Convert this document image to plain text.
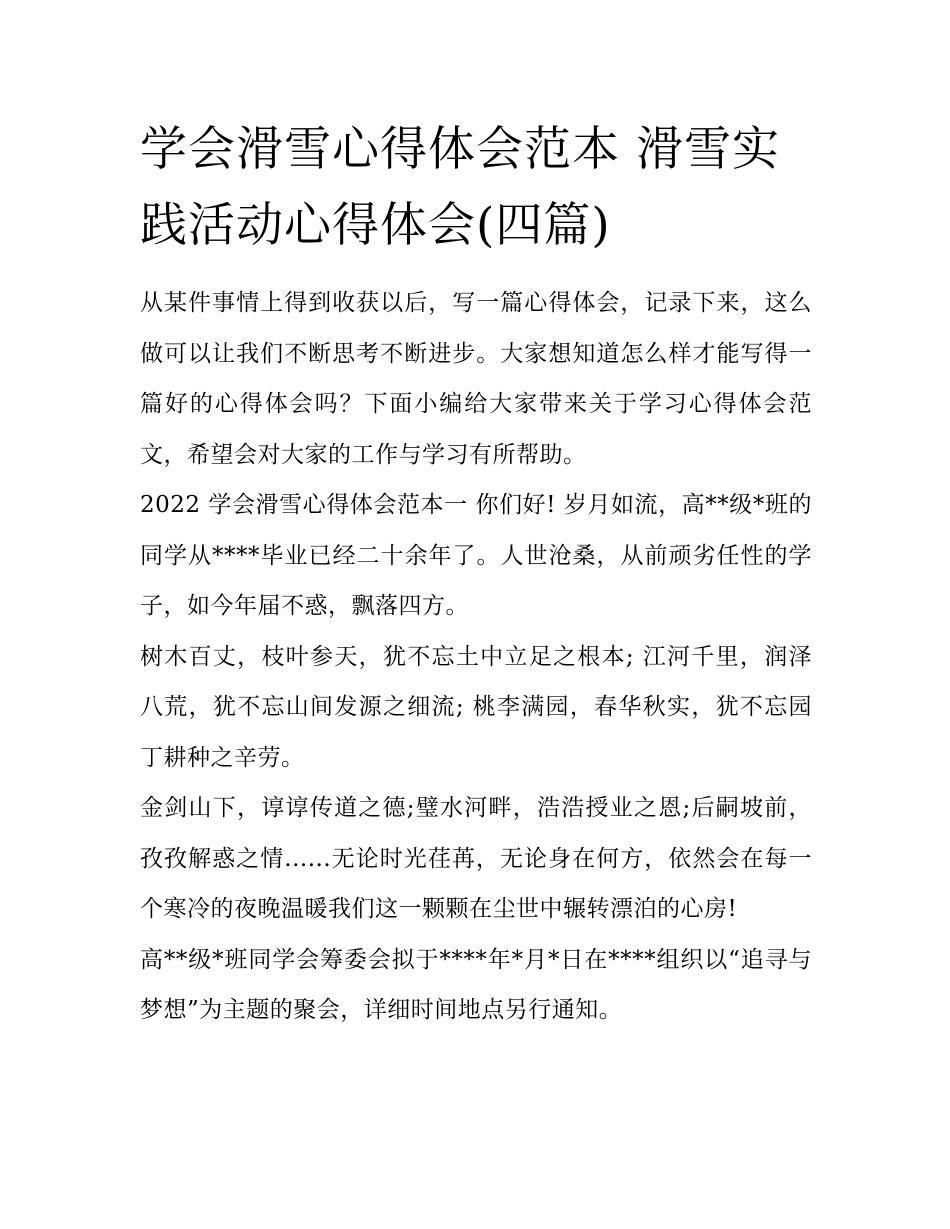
学会滑雪心得体会范本 滑雪实践活动心得体会(四篇)

从某件事情上得到收获以后，写一篇心得体会，记录下来，这么做可以让我们不断思考不断进步。大家想知道怎么样才能写得一篇好的心得体会吗？下面小编给大家带来关于学习心得体会范文，希望会对大家的工作与学习有所帮助。

2022 学会滑雪心得体会范本一 你们好! 岁月如流，高**级*班的同学从****毕业已经二十余年了。人世沧桑，从前顽劣任性的学子，如今年届不惑，飘落四方。

树木百丈，枝叶参天，犹不忘土中立足之根本; 江河千里，润泽八荒，犹不忘山间发源之细流; 桃李满园，春华秋实，犹不忘园丁耕种之辛劳。

金剑山下，谆谆传道之德;璧水河畔，浩浩授业之恩;后嗣坡前，孜孜解惑之情......无论时光荏苒，无论身在何方，依然会在每一个寒冷的夜晚温暖我们这一颗颗在尘世中辗转漂泊的心房!

高**级*班同学会筹委会拟于****年*月*日在****组织以“追寻与梦想”为主题的聚会，详细时间地点另行通知。
